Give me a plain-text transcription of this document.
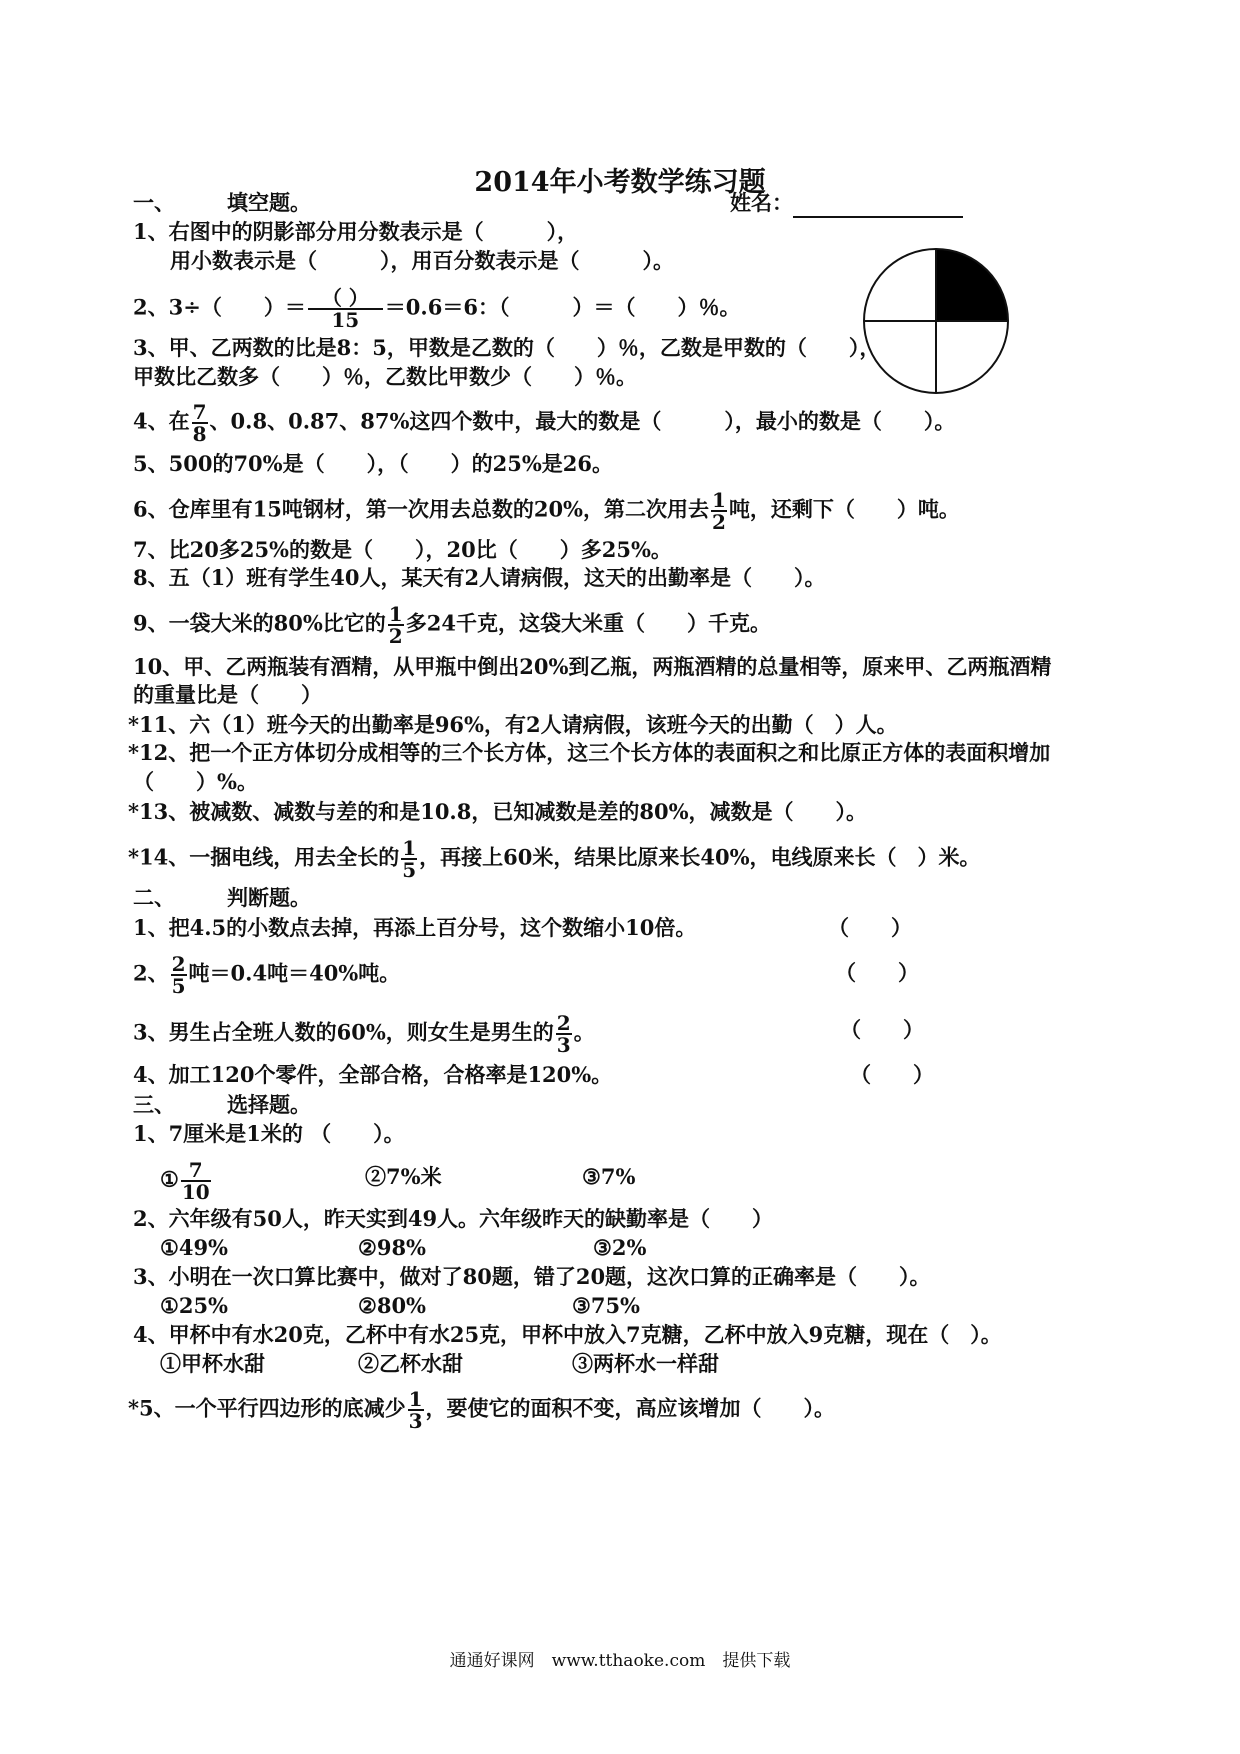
2014年小考数学练习题
一、 填空题。	姓名：
1、右图中的阴影部分用分数表示是（　　　），
用小数表示是（　　　），用百分数表示是（　　　）。
2、3÷（　　）＝ $\frac{( )}{15} =0.6=6$：（　　　）＝（　　）％。
3、甲、乙两数的比是8：5，甲数是乙数的（　　）％，乙数是甲数的（　　），
甲数比乙数多（　　）％，乙数比甲数少（　　）％。
4、在 $\frac{7}{8}$ 、0.8、0.87、87%这四个数中，最大的数是（　　　），最小的数是（　　）。
5、500的70%是（　　），（　　）的25%是26。
6、仓库里有15吨钢材，第一次用去总数的20%，第二次用去 $\frac{1}{2}$ 吨，还剩下（　　）吨。
7、比20多25%的数是（　　），20比（　　）多25%。
8、五（1）班有学生40人，某天有2人请病假，这天的出勤率是（　　）。
9、一袋大米的80%比它的 $\frac{1}{2}$ 多24千克，这袋大米重（　　）千克。
10、甲、乙两瓶装有酒精，从甲瓶中倒出20%到乙瓶，两瓶酒精的总量相等，原来甲、乙两瓶酒精
的重量比是（　　）
*11、六（1）班今天的出勤率是96%，有2人请病假，该班今天的出勤（　）人。
*12、把一个正方体切分成相等的三个长方体，这三个长方体的表面积之和比原正方体的表面积增加
（　　）%。
*13、被减数、减数与差的和是10.8，已知减数是差的80%，减数是（　　）。
*14、一捆电线，用去全长的 $\frac{1}{5}$ ，再接上60米，结果比原来长40%，电线原来长（　）米。
二、 判断题。
1、把4.5的小数点去掉，再添上百分号，这个数缩小10倍。	（　　）
2、 $\frac{2}{5}$ 吨＝0.4吨＝40%吨。	（　　）
3、男生占全班人数的60%，则女生是男生的 $\frac{2}{3}$ 。	（　　）
4、加工120个零件，全部合格，合格率是120%。	（　　）
三、 选择题。
1、7厘米是1米的 （　　）。
① $\frac{7}{10}$	②7%米	③7%
2、六年级有50人，昨天实到49人。六年级昨天的缺勤率是（　　）
①49%	②98%	③2%
3、小明在一次口算比赛中，做对了80题，错了20题，这次口算的正确率是（　　）。
①25%	②80%	③75%
4、甲杯中有水20克，乙杯中有水25克，甲杯中放入7克糖，乙杯中放入9克糖，现在（　）。
①甲杯水甜	②乙杯水甜	③两杯水一样甜
*5、一个平行四边形的底减少 $\frac{1}{3}$ ，要使它的面积不变，高应该增加（　　）。
通通好课网　www.tthaoke.com　提供下载
